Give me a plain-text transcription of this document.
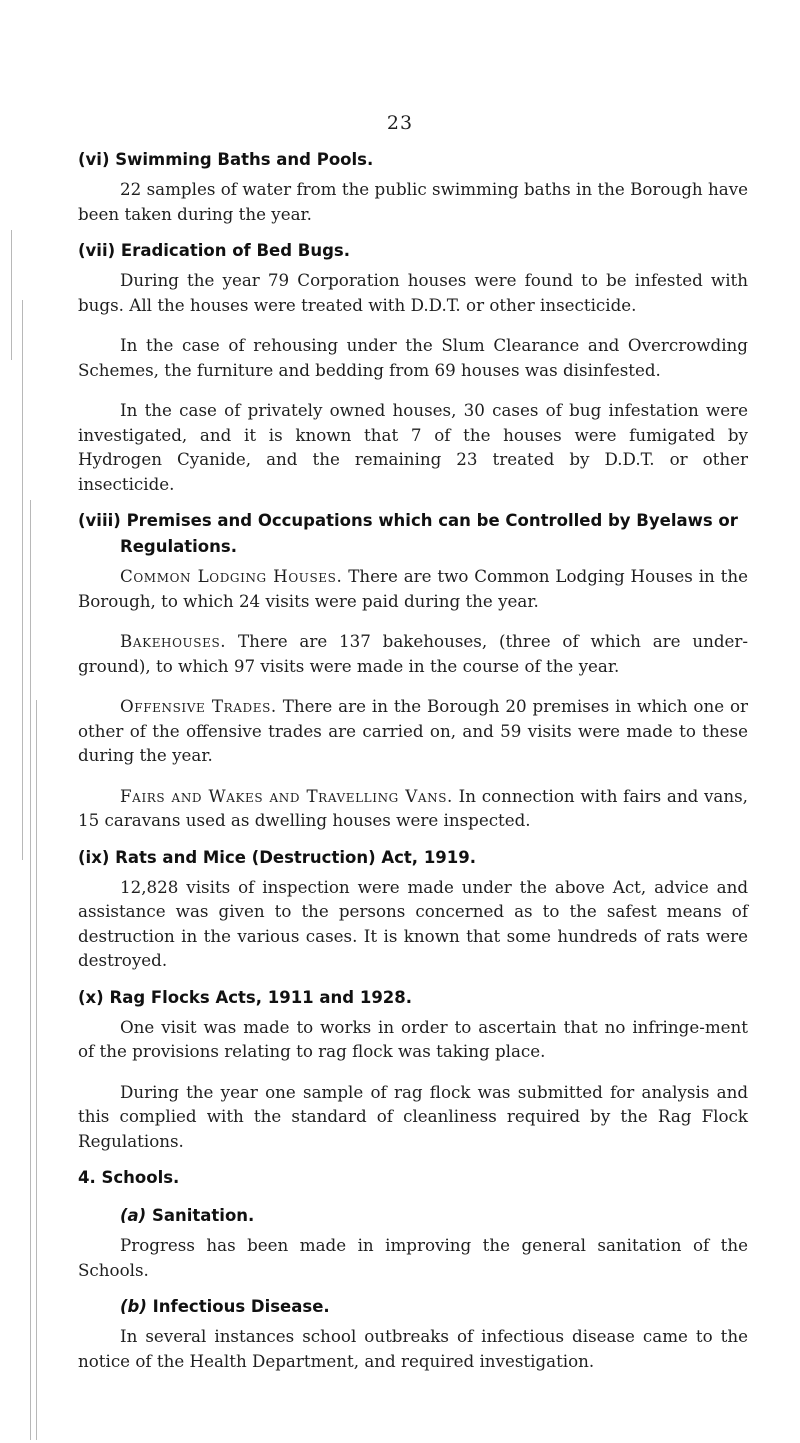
23
(vi) Swimming Baths and Pools.

22 samples of water from the public swimming baths in the Borough have been taken during the year.

(vii) Eradication of Bed Bugs.

During the year 79 Corporation houses were found to be infested with bugs. All the houses were treated with D.D.T. or other insecticide.

In the case of rehousing under the Slum Clearance and Overcrowding Schemes, the furniture and bedding from 69 houses was disinfested.

In the case of privately owned houses, 30 cases of bug infestation were investigated, and it is known that 7 of the houses were fumigated by Hydrogen Cyanide, and the remaining 23 treated by D.D.T. or other insecticide.

(viii) Premises and Occupations which can be Controlled by Byelaws or Regulations.

Common Lodging Houses. There are two Common Lodging Houses in the Borough, to which 24 visits were paid during the year.

Bakehouses. There are 137 bakehouses, (three of which are under-ground), to which 97 visits were made in the course of the year.

Offensive Trades. There are in the Borough 20 premises in which one or other of the offensive trades are carried on, and 59 visits were made to these during the year.

Fairs and Wakes and Travelling Vans. In connection with fairs and vans, 15 caravans used as dwelling houses were inspected.

(ix) Rats and Mice (Destruction) Act, 1919.

12,828 visits of inspection were made under the above Act, advice and assistance was given to the persons concerned as to the safest means of destruction in the various cases. It is known that some hundreds of rats were destroyed.

(x) Rag Flocks Acts, 1911 and 1928.

One visit was made to works in order to ascertain that no infringe-ment of the provisions relating to rag flock was taking place.

During the year one sample of rag flock was submitted for analysis and this complied with the standard of cleanliness required by the Rag Flock Regulations.

4. Schools.
(a) Sanitation.

Progress has been made in improving the general sanitation of the Schools.

(b) Infectious Disease.

In several instances school outbreaks of infectious disease came to the notice of the Health Department, and required investigation.
